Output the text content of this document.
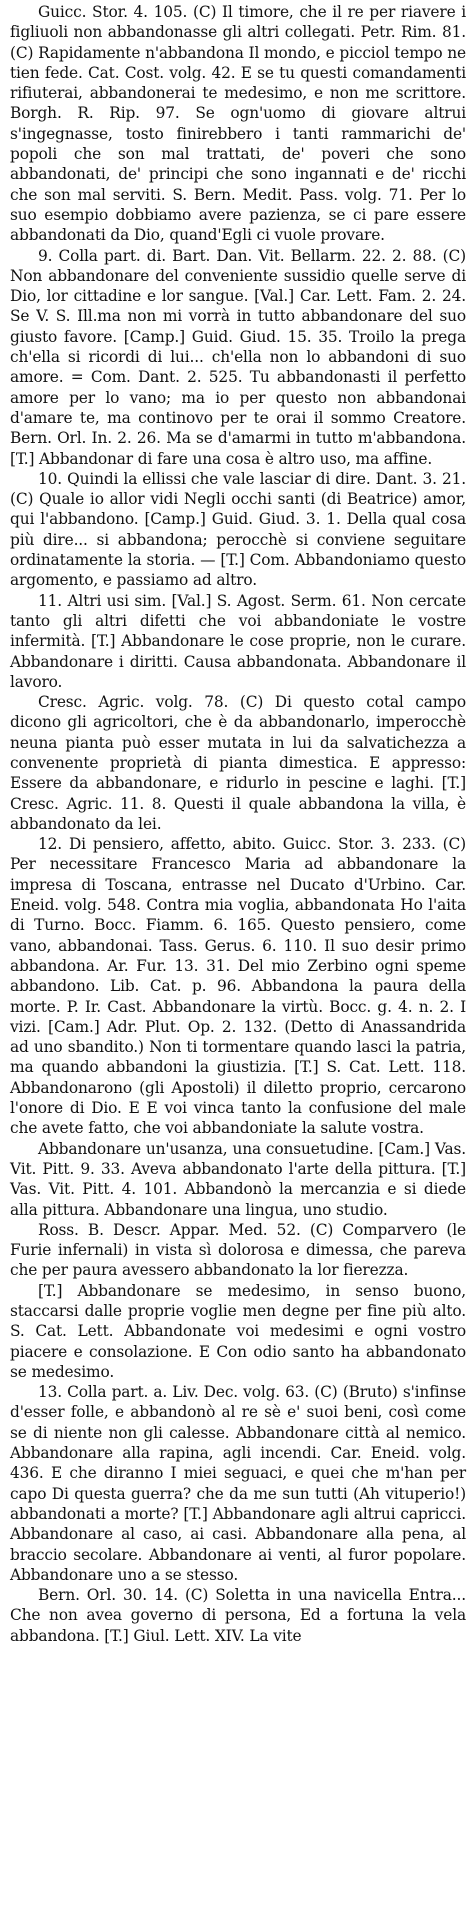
Guicc. Stor. 4. 105. (C) Il timore, che il re per riavere i figliuoli non abbandonasse gli altri collegati. Petr. Rim. 81. (C) Rapidamente n'abbandona Il mondo, e picciol tempo ne tien fede. Cat. Cost. volg. 42. E se tu questi comandamenti rifiuterai, abbandonerai te medesimo, e non me scrittore. Borgh. R. Rip. 97. Se ogn'uomo di giovare altrui s'ingegnasse, tosto finirebbero i tanti rammarichi de' popoli che son mal trattati, de' poveri che sono abbandonati, de' principi che sono ingannati e de' ricchi che son mal serviti. S. Bern. Medit. Pass. volg. 71. Per lo suo esempio dobbiamo avere pazienza, se ci pare essere abbandonati da Dio, quand'Egli ci vuole provare.

9. Colla part. di. Bart. Dan. Vit. Bellarm. 22. 2. 88. (C) Non abbandonare del conveniente sussidio quelle serve di Dio, lor cittadine e lor sangue. [Val.] Car. Lett. Fam. 2. 24. Se V. S. Ill.ma non mi vorrà in tutto abbandonare del suo giusto favore. [Camp.] Guid. Giud. 15. 35. Troilo la prega ch'ella si ricordi di lui... ch'ella non lo abbandoni di suo amore. = Com. Dant. 2. 525. Tu abbandonasti il perfetto amore per lo vano; ma io per questo non abbandonai d'amare te, ma continovo per te orai il sommo Creatore. Bern. Orl. In. 2. 26. Ma se d'amarmi in tutto m'abbandona. [T.] Abbandonar di fare una cosa è altro uso, ma affine.

10. Quindi la ellissi che vale lasciar di dire. Dant. 3. 21. (C) Quale io allor vidi Negli occhi santi (di Beatrice) amor, qui l'abbandono. [Camp.] Guid. Giud. 3. 1. Della qual cosa più dire... si abbandona; perocchè si conviene seguitare ordinatamente la storia. — [T.] Com. Abbandoniamo questo argomento, e passiamo ad altro.

11. Altri usi sim. [Val.] S. Agost. Serm. 61. Non cercate tanto gli altri difetti che voi abbandoniate le vostre infermità. [T.] Abbandonare le cose proprie, non le curare. Abbandonare i diritti. Causa abbandonata. Abbandonare il lavoro.

Cresc. Agric. volg. 78. (C) Di questo cotal campo dicono gli agricoltori, che è da abbandonarlo, imperocchè neuna pianta può esser mutata in lui da salvatichezza a convenente proprietà di pianta dimestica. E appresso: Essere da abbandonare, e ridurlo in pescine e laghi. [T.] Cresc. Agric. 11. 8. Questi il quale abbandona la villa, è abbandonato da lei.

12. Di pensiero, affetto, abito. Guicc. Stor. 3. 233. (C) Per necessitare Francesco Maria ad abbandonare la impresa di Toscana, entrasse nel Ducato d'Urbino. Car. Eneid. volg. 548. Contra mia voglia, abbandonata Ho l'aita di Turno. Bocc. Fiamm. 6. 165. Questo pensiero, come vano, abbandonai. Tass. Gerus. 6. 110. Il suo desir primo abbandona. Ar. Fur. 13. 31. Del mio Zerbino ogni speme abbandono. Lib. Cat. p. 96. Abbandona la paura della morte. P. Ir. Cast. Abbandonare la virtù. Bocc. g. 4. n. 2. I vizi. [Cam.] Adr. Plut. Op. 2. 132. (Detto di Anassandrida ad uno sbandito.) Non ti tormentare quando lasci la patria, ma quando abbandoni la giustizia. [T.] S. Cat. Lett. 118. Abbandonarono (gli Apostoli) il diletto proprio, cercarono l'onore di Dio. E E voi vinca tanto la confusione del male che avete fatto, che voi abbandoniate la salute vostra.

Abbandonare un'usanza, una consuetudine. [Cam.] Vas. Vit. Pitt. 9. 33. Aveva abbandonato l'arte della pittura. [T.] Vas. Vit. Pitt. 4. 101. Abbandonò la mercanzia e si diede alla pittura. Abbandonare una lingua, uno studio.

Ross. B. Descr. Appar. Med. 52. (C) Comparvero (le Furie infernali) in vista sì dolorosa e dimessa, che pareva che per paura avessero abbandonato la lor fierezza.

[T.] Abbandonare se medesimo, in senso buono, staccarsi dalle proprie voglie men degne per fine più alto. S. Cat. Lett. Abbandonate voi medesimi e ogni vostro piacere e consolazione. E Con odio santo ha abbandonato se medesimo.

13. Colla part. a. Liv. Dec. volg. 63. (C) (Bruto) s'infinse d'esser folle, e abbandonò al re sè e' suoi beni, così come se di niente non gli calesse. Abbandonare città al nemico. Abbandonare alla rapina, agli incendi. Car. Eneid. volg. 436. E che diranno I miei seguaci, e quei che m'han per capo Di questa guerra? che da me sun tutti (Ah vituperio!) abbandonati a morte? [T.] Abbandonare agli altrui capricci. Abbandonare al caso, ai casi. Abbandonare alla pena, al braccio secolare. Abbandonare ai venti, al furor popolare. Abbandonare uno a se stesso.

Bern. Orl. 30. 14. (C) Soletta in una navicella Entra... Che non avea governo di persona, Ed a fortuna la vela abbandona. [T.] Giul. Lett. XIV. La vite
